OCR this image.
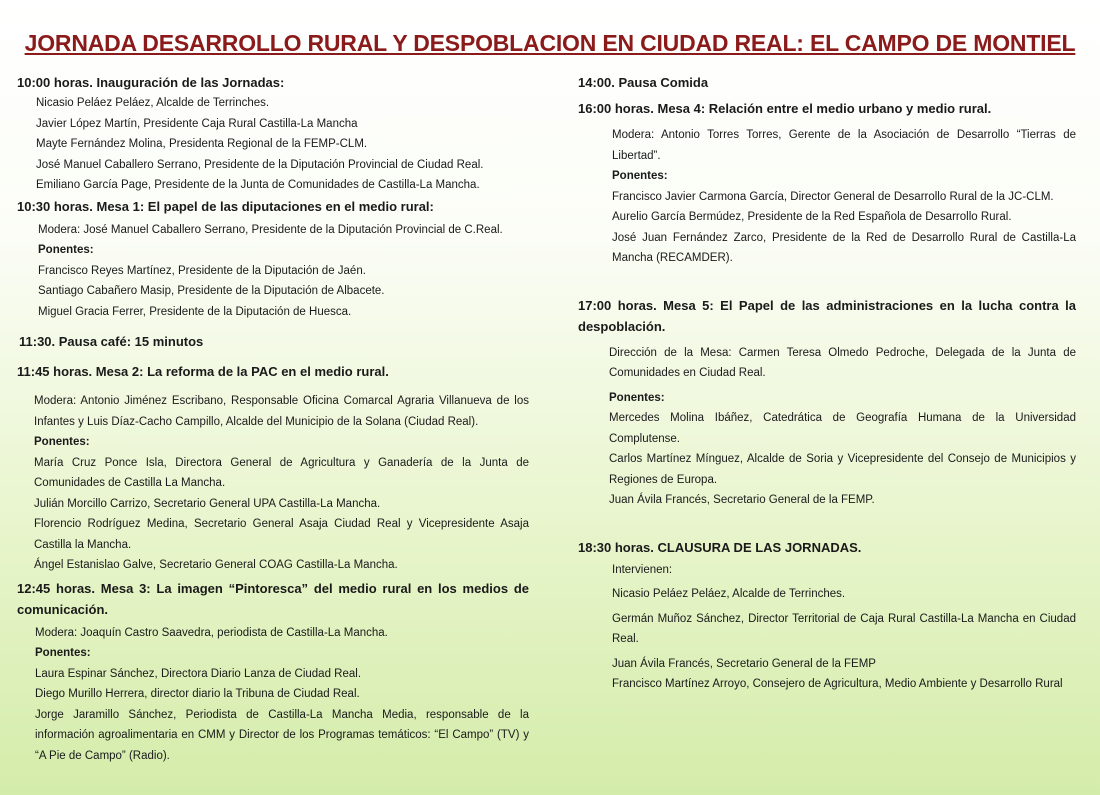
JORNADA DESARROLLO RURAL Y DESPOBLACION EN CIUDAD REAL: EL CAMPO DE MONTIEL
10:00 horas. Inauguración de las Jornadas:
Nicasio Peláez Peláez, Alcalde de Terrinches.
Javier López Martín, Presidente Caja Rural Castilla-La Mancha
Mayte Fernández Molina, Presidenta Regional de la FEMP-CLM.
José Manuel Caballero Serrano, Presidente de la Diputación Provincial de Ciudad Real.
Emiliano García Page, Presidente de la Junta de Comunidades de Castilla-La Mancha.
10:30 horas. Mesa 1: El papel de las diputaciones en el medio rural:
Modera: José Manuel Caballero Serrano, Presidente de la Diputación Provincial de C.Real.
Ponentes:
Francisco Reyes Martínez, Presidente de la Diputación de Jaén.
Santiago Cabañero Masip, Presidente de la Diputación de Albacete.
Miguel Gracia Ferrer, Presidente de la Diputación de Huesca.
11:30. Pausa café: 15 minutos
11:45 horas. Mesa 2: La reforma de la PAC en el medio rural.
Modera: Antonio Jiménez Escribano, Responsable Oficina Comarcal Agraria Villanueva de los Infantes y Luis Díaz-Cacho Campillo, Alcalde del Municipio de la Solana (Ciudad Real).
Ponentes:
María Cruz Ponce Isla, Directora General de Agricultura y Ganadería de la Junta de Comunidades de Castilla La Mancha.
Julián Morcillo Carrizo, Secretario General UPA Castilla-La Mancha.
Florencio Rodríguez Medina, Secretario General Asaja Ciudad Real y Vicepresidente Asaja Castilla la Mancha.
Ángel Estanislao Galve, Secretario General COAG Castilla-La Mancha.
12:45 horas. Mesa 3: La imagen “Pintoresca” del medio rural en los medios de comunicación.
Modera: Joaquín Castro Saavedra, periodista de Castilla-La Mancha.
Ponentes:
Laura Espinar Sánchez, Directora Diario Lanza de Ciudad Real.
Diego Murillo Herrera, director diario la Tribuna de Ciudad Real.
Jorge Jaramillo Sánchez, Periodista de Castilla-La Mancha Media, responsable de la información agroalimentaria en CMM y Director de los Programas temáticos: “El Campo” (TV) y “A Pie de Campo” (Radio).
14:00. Pausa Comida
16:00 horas. Mesa 4: Relación entre el medio urbano y medio rural.
Modera: Antonio Torres Torres, Gerente de la Asociación de Desarrollo “Tierras de Libertad”.
Ponentes:
Francisco Javier Carmona García, Director General de Desarrollo Rural de la JC-CLM.
Aurelio García Bermúdez, Presidente de la Red Española de Desarrollo Rural.
José Juan Fernández Zarco, Presidente de la Red de Desarrollo Rural de Castilla-La Mancha (RECAMDER).
17:00 horas. Mesa 5: El Papel de las administraciones en la lucha contra la despoblación.
Dirección de la Mesa: Carmen Teresa Olmedo Pedroche, Delegada de la Junta de Comunidades en Ciudad Real.
Ponentes:
Mercedes Molina Ibáñez, Catedrática de Geografía Humana de la Universidad Complutense.
Carlos Martínez Mínguez, Alcalde de Soria y Vicepresidente del Consejo de Municipios y Regiones de Europa.
Juan Ávila Francés, Secretario General de la FEMP.
18:30 horas. CLAUSURA DE LAS JORNADAS.
Intervienen:
Nicasio Peláez Peláez, Alcalde de Terrinches.
Germán Muñoz Sánchez, Director Territorial de Caja Rural Castilla-La Mancha en Ciudad Real.
Juan Ávila Francés, Secretario General de la FEMP
Francisco Martínez Arroyo, Consejero de Agricultura, Medio Ambiente y Desarrollo Rural
